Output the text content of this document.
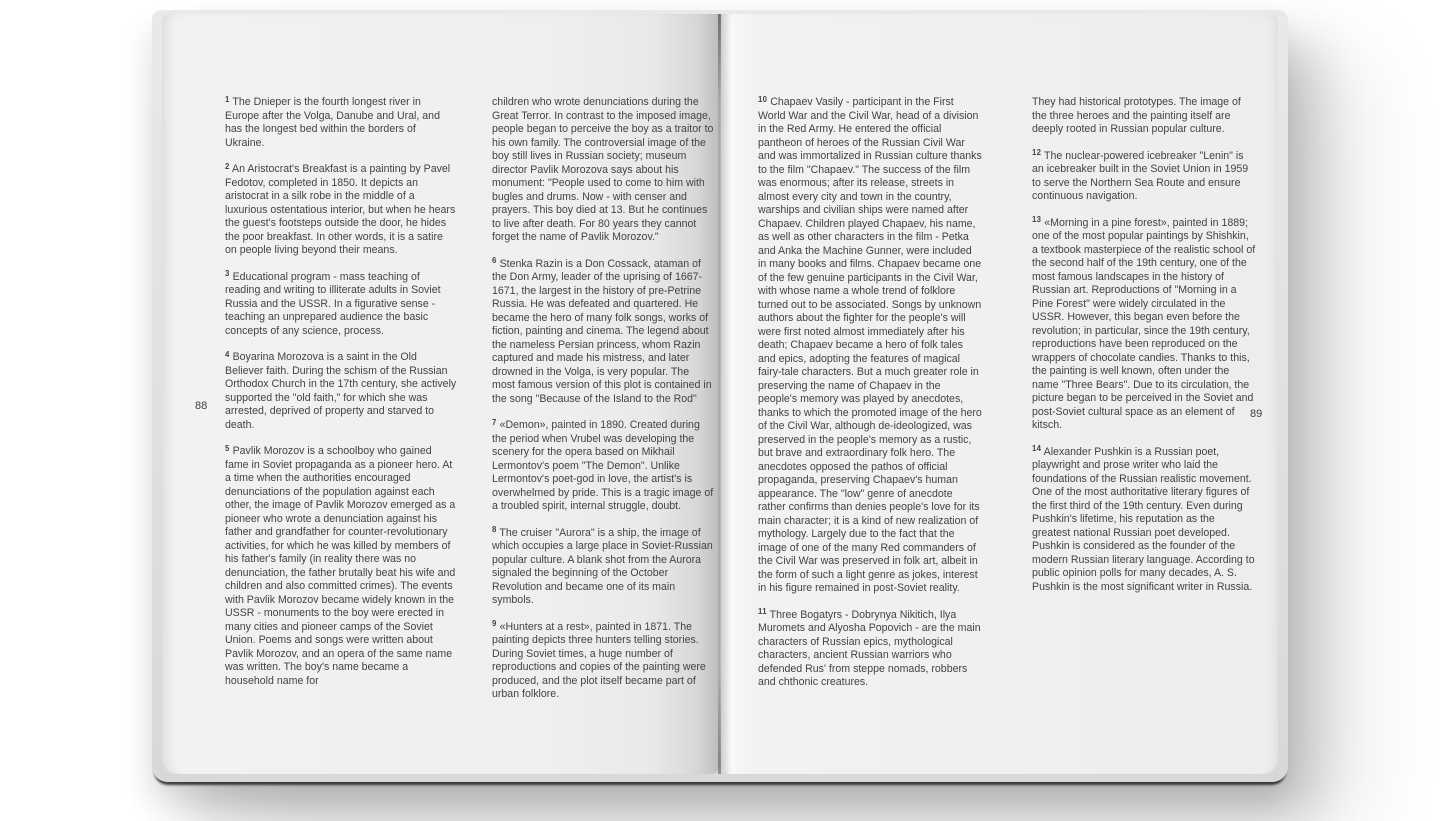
$^1$ The Dnieper is the fourth longest river in Europe after the Volga, Danube and Ural, and has the longest bed within the borders of Ukraine.

$^2$ An Aristocrat's Breakfast is a painting by Pavel Fedotov, completed in 1850. It depicts an aristocrat in a silk robe in the middle of a luxurious ostentatious interior, but when he hears the guest's footsteps outside the door, he hides the poor breakfast. In other words, it is a satire on people living beyond their means.

$^3$ Educational program - mass teaching of reading and writing to illiterate adults in Soviet Russia and the USSR. In a figurative sense - teaching an unprepared audience the basic concepts of any science, process.

$^4$ Boyarina Morozova is a saint in the Old Believer faith. During the schism of the Russian Orthodox Church in the 17th century, she actively supported the "old faith," for which she was arrested, deprived of property and starved to death.

$^5$ Pavlik Morozov is a schoolboy who gained fame in Soviet propaganda as a pioneer hero. At a time when the authorities encouraged denunciations of the population against each other, the image of Pavlik Morozov emerged as a pioneer who wrote a denunciation against his father and grandfather for counter-revolutionary activities, for which he was killed by members of his father's family (in reality there was no denunciation, the father brutally beat his wife and children and also committed crimes). The events with Pavlik Morozov became widely known in the USSR - monuments to the boy were erected in many cities and pioneer camps of the Soviet Union. Poems and songs were written about Pavlik Morozov, and an opera of the same name was written. The boy's name became a household name for

children who wrote denunciations during the Great Terror. In contrast to the imposed image, people began to perceive the boy as a traitor to his own family. The controversial image of the boy still lives in Russian society; museum director Pavlik Morozova says about his monument: "People used to come to him with bugles and drums. Now - with censer and prayers. This boy died at 13. But he continues to live after death. For 80 years they cannot forget the name of Pavlik Morozov."

$^6$ Stenka Razin is a Don Cossack, ataman of the Don Army, leader of the uprising of 1667-1671, the largest in the history of pre-Petrine Russia. He was defeated and quartered. He became the hero of many folk songs, works of fiction, painting and cinema. The legend about the nameless Persian princess, whom Razin captured and made his mistress, and later drowned in the Volga, is very popular. The most famous version of this plot is contained in the song "Because of the Island to the Rod"

$^7$ «Demon», painted in 1890. Created during the period when Vrubel was developing the scenery for the opera based on Mikhail Lermontov's poem "The Demon". Unlike Lermontov's poet-god in love, the artist's is overwhelmed by pride. This is a tragic image of a troubled spirit, internal struggle, doubt.

$^8$ The cruiser "Aurora" is a ship, the image of which occupies a large place in Soviet-Russian popular culture. A blank shot from the Aurora signaled the beginning of the October Revolution and became one of its main symbols.

$^9$ «Hunters at a rest», painted in 1871. The painting depicts three hunters telling stories. During Soviet times, a huge number of reproductions and copies of the painting were produced, and the plot itself became part of urban folklore.

$^{10}$ Chapaev Vasily - participant in the First World War and the Civil War, head of a division in the Red Army. He entered the official pantheon of heroes of the Russian Civil War and was immortalized in Russian culture thanks to the film "Chapaev." The success of the film was enormous; after its release, streets in almost every city and town in the country, warships and civilian ships were named after Chapaev. Children played Chapaev, his name, as well as other characters in the film - Petka and Anka the Machine Gunner, were included in many books and films. Chapaev became one of the few genuine participants in the Civil War, with whose name a whole trend of folklore turned out to be associated. Songs by unknown authors about the fighter for the people's will were first noted almost immediately after his death; Chapaev became a hero of folk tales and epics, adopting the features of magical fairy-tale characters. But a much greater role in preserving the name of Chapaev in the people's memory was played by anecdotes, thanks to which the promoted image of the hero of the Civil War, although de-ideologized, was preserved in the people's memory as a rustic, but brave and extraordinary folk hero. The anecdotes opposed the pathos of official propaganda, preserving Chapaev's human appearance. The "low" genre of anecdote rather confirms than denies people's love for its main character; it is a kind of new realization of mythology. Largely due to the fact that the image of one of the many Red commanders of the Civil War was preserved in folk art, albeit in the form of such a light genre as jokes, interest in his figure remained in post-Soviet reality.

$^{11}$ Three Bogatyrs - Dobrynya Nikitich, Ilya Muromets and Alyosha Popovich - are the main characters of Russian epics, mythological characters, ancient Russian warriors who defended Rus' from steppe nomads, robbers and chthonic creatures.

They had historical prototypes. The image of the three heroes and the painting itself are deeply rooted in Russian popular culture.

$^{12}$ The nuclear-powered icebreaker "Lenin" is an icebreaker built in the Soviet Union in 1959 to serve the Northern Sea Route and ensure continuous navigation.

$^{13}$ «Morning in a pine forest», painted in 1889; one of the most popular paintings by Shishkin, a textbook masterpiece of the realistic school of the second half of the 19th century, one of the most famous landscapes in the history of Russian art. Reproductions of "Morning in a Pine Forest" were widely circulated in the USSR. However, this began even before the revolution; in particular, since the 19th century, reproductions have been reproduced on the wrappers of chocolate candies. Thanks to this, the painting is well known, often under the name "Three Bears". Due to its circulation, the picture began to be perceived in the Soviet and post-Soviet cultural space as an element of kitsch.

$^{14}$ Alexander Pushkin is a Russian poet, playwright and prose writer who laid the foundations of the Russian realistic movement. One of the most authoritative literary figures of the first third of the 19th century. Even during Pushkin's lifetime, his reputation as the greatest national Russian poet developed. Pushkin is considered as the founder of the modern Russian literary language. According to public opinion polls for many decades, A. S. Pushkin is the most significant writer in Russia.

88
89
